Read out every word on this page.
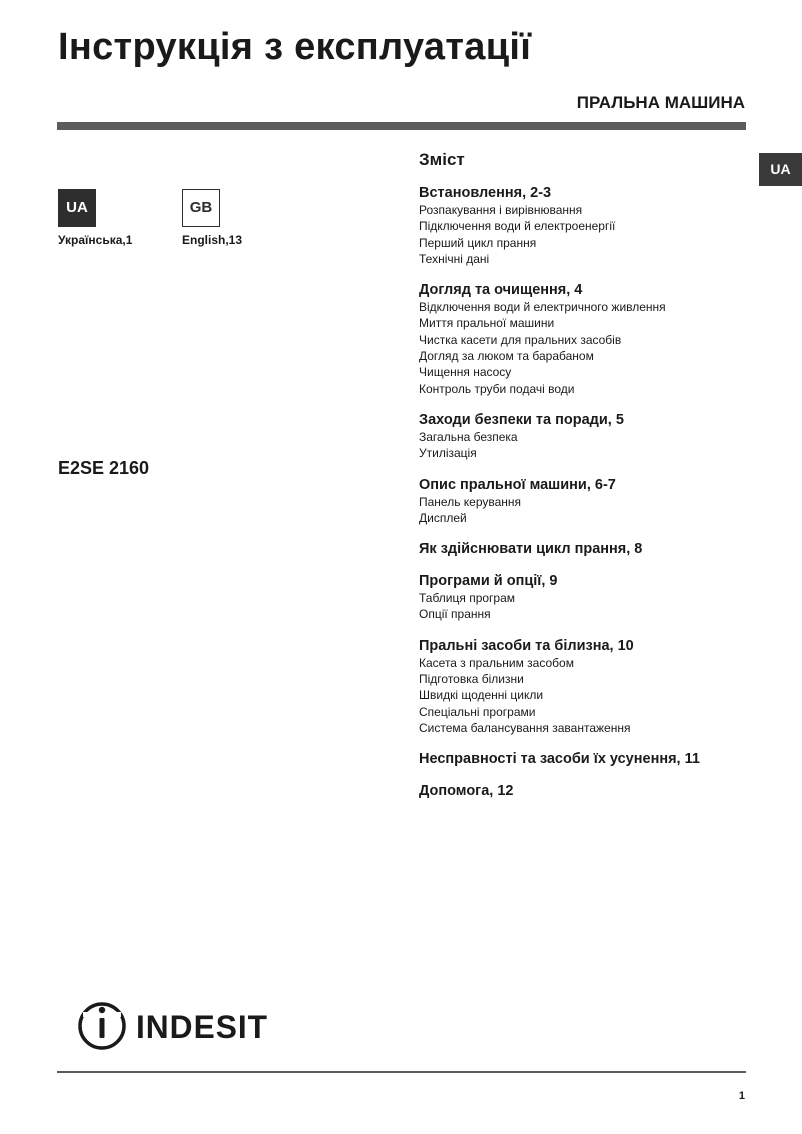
Інструкція з експлуатації
ПРАЛЬНА МАШИНА
UA
UA
Українська,1
GB
English,13
E2SE 2160
Зміст
Встановлення, 2-3
Розпакування і вирівнювання
Підключення води й електроенергії
Перший цикл прання
Технічні дані
Догляд та очищення, 4
Відключення води й електричного живлення
Миття пральної машини
Чистка касети для пральних засобів
Догляд за люком та барабаном
Чищення насосу
Контроль труби подачі води
Заходи безпеки та поради, 5
Загальна безпека
Утилізація
Опис пральної машини, 6-7
Панель керування
Дисплей
Як здійснювати цикл прання, 8
Програми й опції, 9
Таблиця програм
Опції прання
Пральні засоби та білизна, 10
Касета з пральним засобом
Підготовка білизни
Швидкі щоденні цикли
Спеціальні програми
Система балансування завантаження
Несправності та засоби їх усунення, 11
Допомога, 12
INDESIT
1
